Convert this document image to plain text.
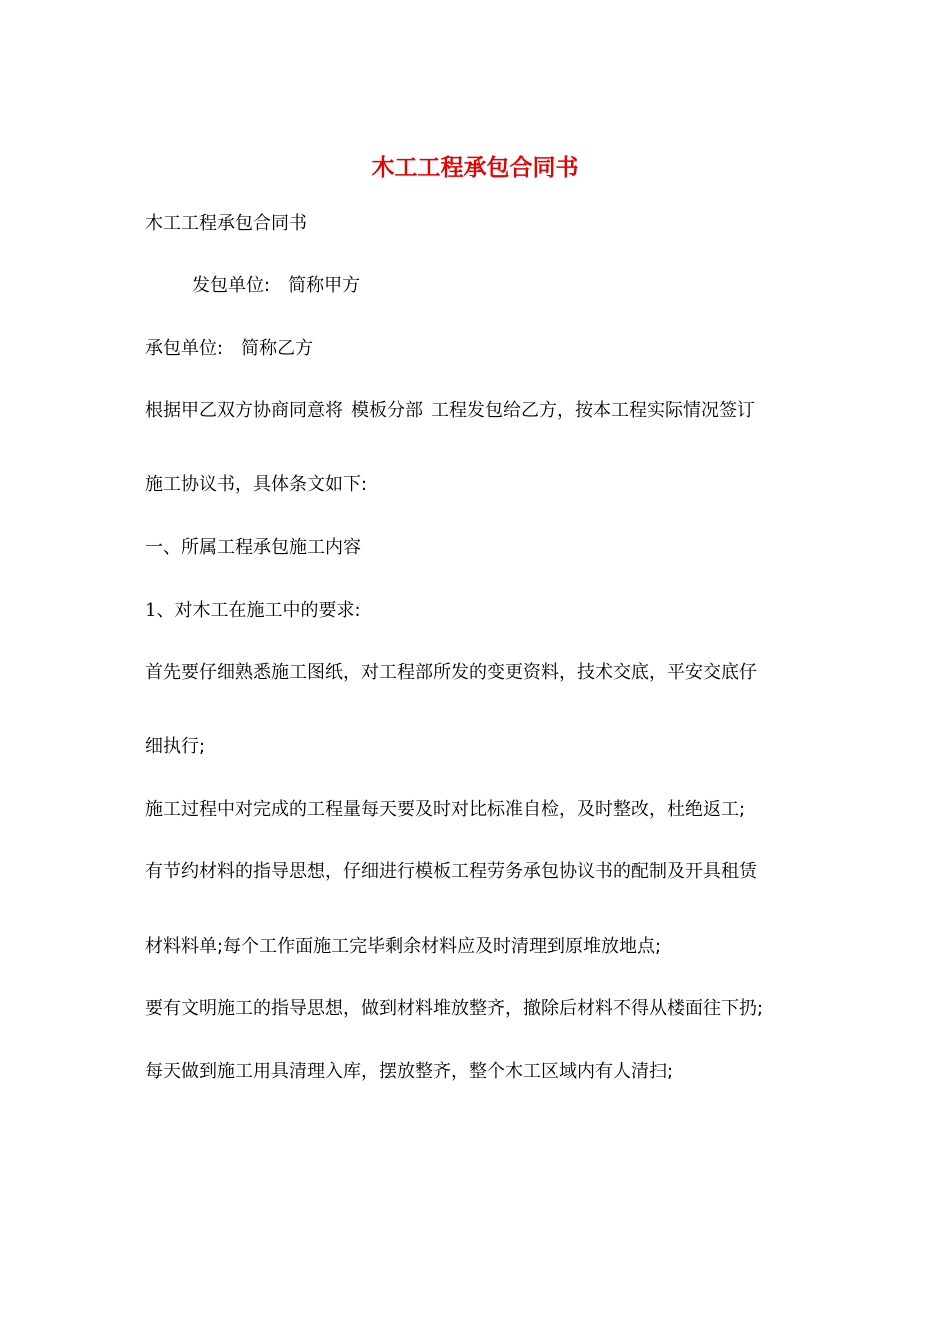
木工工程承包合同书

木工工程承包合同书

发包单位: 简称甲方

承包单位: 简称乙方

根据甲乙双方协商同意将 模板分部 工程发包给乙方，按本工程实际情况签订

施工协议书，具体条文如下:

一、所属工程承包施工内容

1、对木工在施工中的要求:

首先要仔细熟悉施工图纸，对工程部所发的变更资料，技术交底，平安交底仔

细执行;

施工过程中对完成的工程量每天要及时对比标准自检，及时整改，杜绝返工;

有节约材料的指导思想，仔细进行模板工程劳务承包协议书的配制及开具租赁

材料料单;每个工作面施工完毕剩余材料应及时清理到原堆放地点;

要有文明施工的指导思想，做到材料堆放整齐，撤除后材料不得从楼面往下扔;

每天做到施工用具清理入库，摆放整齐，整个木工区域内有人清扫;
